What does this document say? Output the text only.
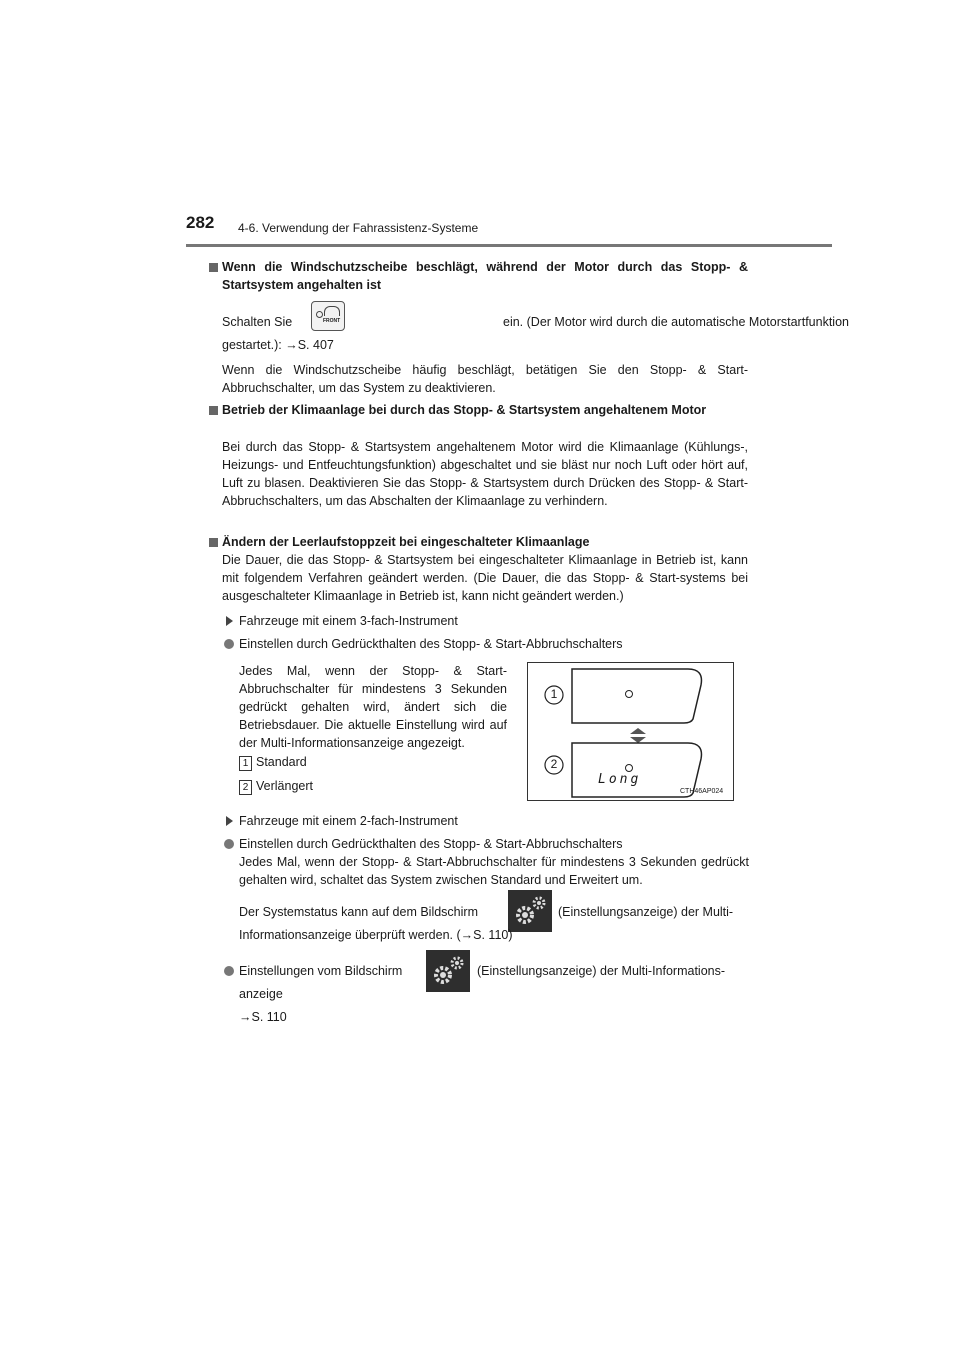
282 4-6. Verwendung der Fahrassistenz-Systeme
Wenn die Windschutzscheibe beschlägt, während der Motor durch das Stopp- & Startsystem angehalten ist
Schalten Sie	ein. (Der Motor wird durch die automatische Motorstartfunktion
FRONT
gestartet.): →S. 407
Wenn die Windschutzscheibe häufig beschlägt, betätigen Sie den Stopp- & Start-Abbruchschalter, um das System zu deaktivieren.
Betrieb der Klimaanlage bei durch das Stopp- & Startsystem angehaltenem Motor
Bei durch das Stopp- & Startsystem angehaltenem Motor wird die Klimaanlage (Kühlungs-, Heizungs- und Entfeuchtungsfunktion) abgeschaltet und sie bläst nur noch Luft oder hört auf, Luft zu blasen. Deaktivieren Sie das Stopp- & Startsystem durch Drücken des Stopp- & Start-Abbruchschalters, um das Abschalten der Klimaanlage zu verhindern.
Ändern der Leerlaufstoppzeit bei eingeschalteter Klimaanlage
Die Dauer, die das Stopp- & Startsystem bei eingeschalteter Klimaanlage in Betrieb ist, kann mit folgendem Verfahren geändert werden. (Die Dauer, die das Stopp- & Start-systems bei ausgeschalteter Klimaanlage in Betrieb ist, kann nicht geändert werden.)
Fahrzeuge mit einem 3-fach-Instrument
Einstellen durch Gedrückthalten des Stopp- & Start-Abbruchschalters
Jedes Mal, wenn der Stopp- & Start-Abbruchschalter für mindestens 3 Sekunden gedrückt gehalten wird, ändert sich die Betriebsdauer. Die aktuelle Einstellung wird auf der Multi-Informationsanzeige angezeigt.
1 Standard
2 Verlängert
1
2
Long
CTH46AP024
Fahrzeuge mit einem 2-fach-Instrument
Einstellen durch Gedrückthalten des Stopp- & Start-Abbruchschalters
Jedes Mal, wenn der Stopp- & Start-Abbruchschalter für mindestens 3 Sekunden gedrückt gehalten wird, schaltet das System zwischen Standard und Erweitert um.
Der Systemstatus kann auf dem Bildschirm	(Einstellungsanzeige) der Multi-
Informationsanzeige überprüft werden. (→S. 110)
Einstellungen vom Bildschirm	(Einstellungsanzeige) der Multi-Informations-
anzeige
→S. 110
